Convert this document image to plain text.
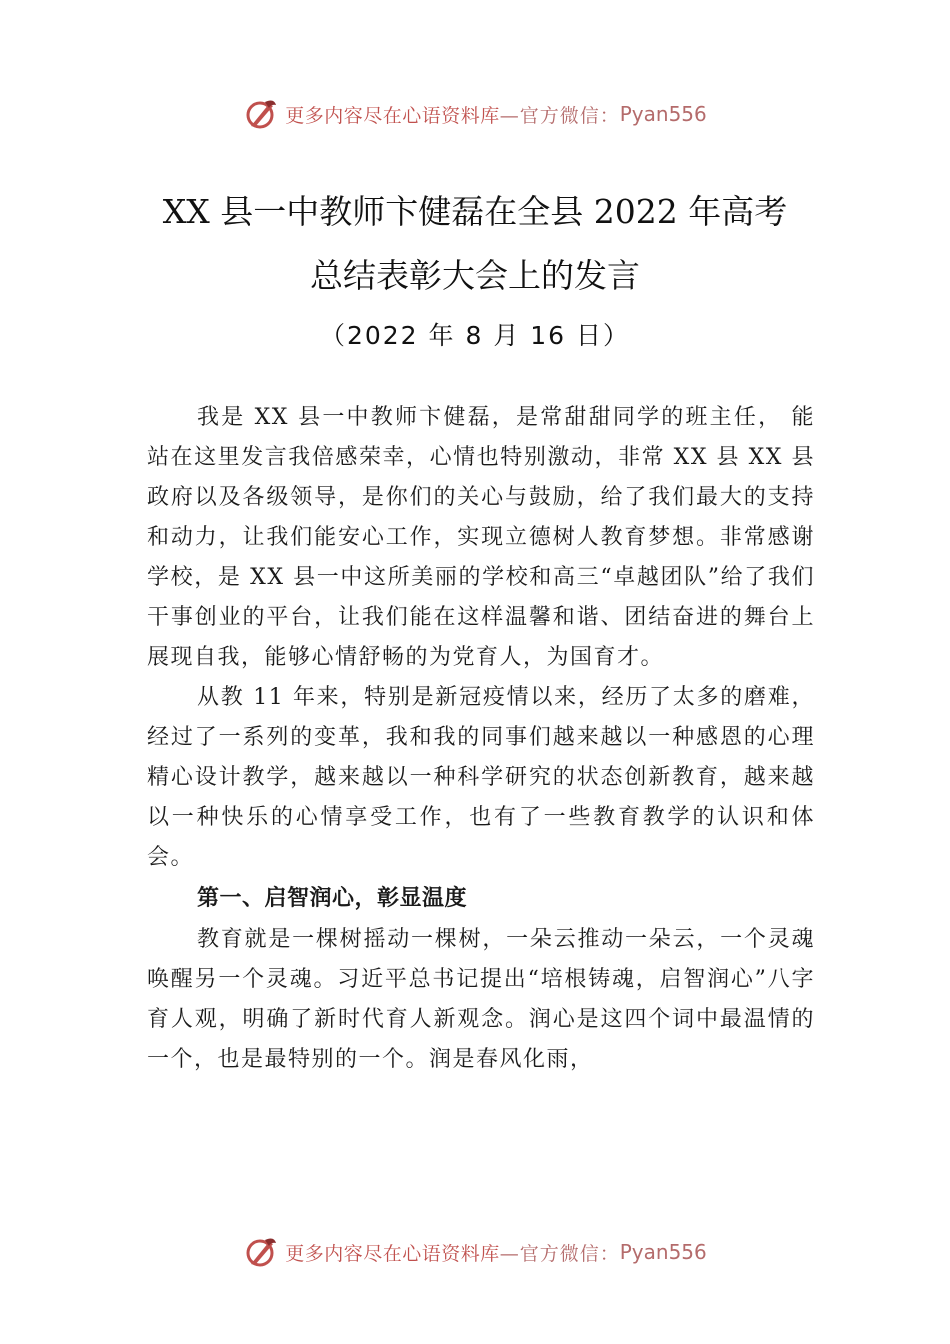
更多内容尽在心语资料库 —官方微信： Pyan556
XX 县一中教师卞健磊在全县 2022 年高考
总结表彰大会上的发言
（2022 年 8 月 16 日）

我是 XX 县一中教师卞健磊，是常甜甜同学的班主任， 能站在这里发言我倍感荣幸，心情也特别激动，非常 XX 县 XX 县政府以及各级领导，是你们的关心与鼓励，给了我们最大的支持和动力，让我们能安心工作，实现立德树人教育梦想。非常感谢学校，是 XX 县一中这所美丽的学校和高三“卓越团队”给了我们干事创业的平台，让我们能在这样温馨和谐、团结奋进的舞台上展现自我，能够心情舒畅的为党育人，为国育才。

从教 11 年来，特别是新冠疫情以来，经历了太多的磨难，经过了一系列的变革，我和我的同事们越来越以一种感恩的心理精心设计教学，越来越以一种科学研究的状态创新教育，越来越以一种快乐的心情享受工作，也有了一些教育教学的认识和体会。

第一、启智润心，彰显温度

教育就是一棵树摇动一棵树，一朵云推动一朵云，一个灵魂唤醒另一个灵魂。习近平总书记提出“培根铸魂，启智润心”八字育人观，明确了新时代育人新观念。润心是这四个词中最温情的一个，也是最特别的一个。润是春风化雨，

更多内容尽在心语资料库 —官方微信： Pyan556
